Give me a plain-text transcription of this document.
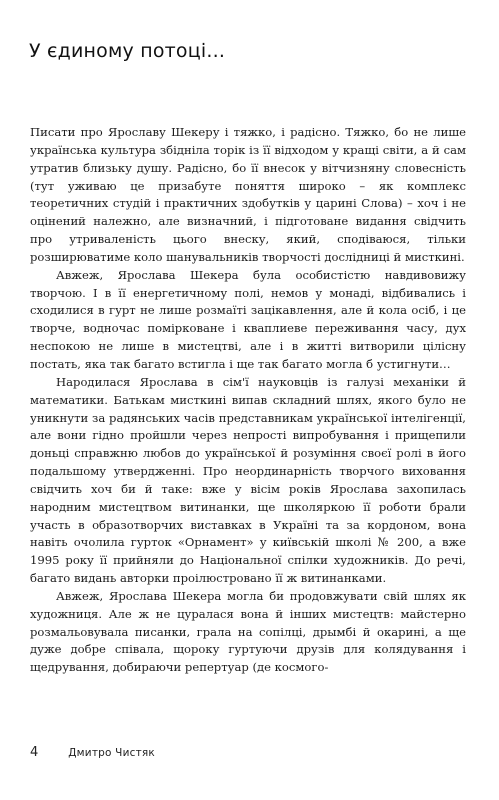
У єдиному потоці...

Писати про Ярославу Шекеру і тяжко, і радісно. Тяжко, бо не лише українська культура збідніла торік із її відходом у кращі світи, а й сам утратив близьку душу. Радісно, бо її внесок у вітчизняну словесність (тут уживаю це призабуте поняття широко – як комплекс теоретичних студій і практичних здобутків у царині Слова) – хоч і не оцінений належно, але визначний, і підготоване видання свідчить про утриваленість цього внеску, який, сподіваюся, тільки розширюватиме коло шанувальників творчості дослідниці й мисткині.

Авжеж, Ярослава Шекера була особистістю навдивовижу творчою. І в її енергетичному полі, немов у монаді, відбивались і сходилися в гурт не лише розмаїті зацікавлення, але й кола осіб, і це творче, водночас поміркованe і кваплиеве переживання часу, дух неспокою не лише в мистецтві, але і в житті витворили цілісну постать, яка так багато встигла і ще так багато могла б устигнути…

Народилася Ярослава в сім'ї науковців із галузі механіки й математики. Батькам мисткині випав складний шлях, якого було не уникнути за радянських часів представникам української інтелігенції, але вони гідно пройшли через непрості випробування і прищепили доньці справжню любов до української й розуміння своєї ролі в його подальшому утвердженні. Про неординарність творчого виховання свідчить хоч би й таке: вже у вісім років Ярослава захопилась народним мистецтвом витинанки, ще школяркою її роботи брали участь в образотворчих виставках в Україні та за кордоном, вона навіть очолила гурток «Орнамент» у київській школі № 200, а вже 1995 року її прийняли до Національної спілки художників. До речі, багато видань авторки проілюстровано її ж витинанками.

Авжеж, Ярослава Шекера могла би продовжувати свій шлях як художниця. Але ж не цуралася вона й інших мистецтв: майстерно розмальовувала писанки, грала на сопілці, дрымбі й окарині, а ще дуже добре співала, щороку гуртуючи друзів для колядування і щедрування, добираючи репертуар (де космого-

4	Дмитро Чистяк
